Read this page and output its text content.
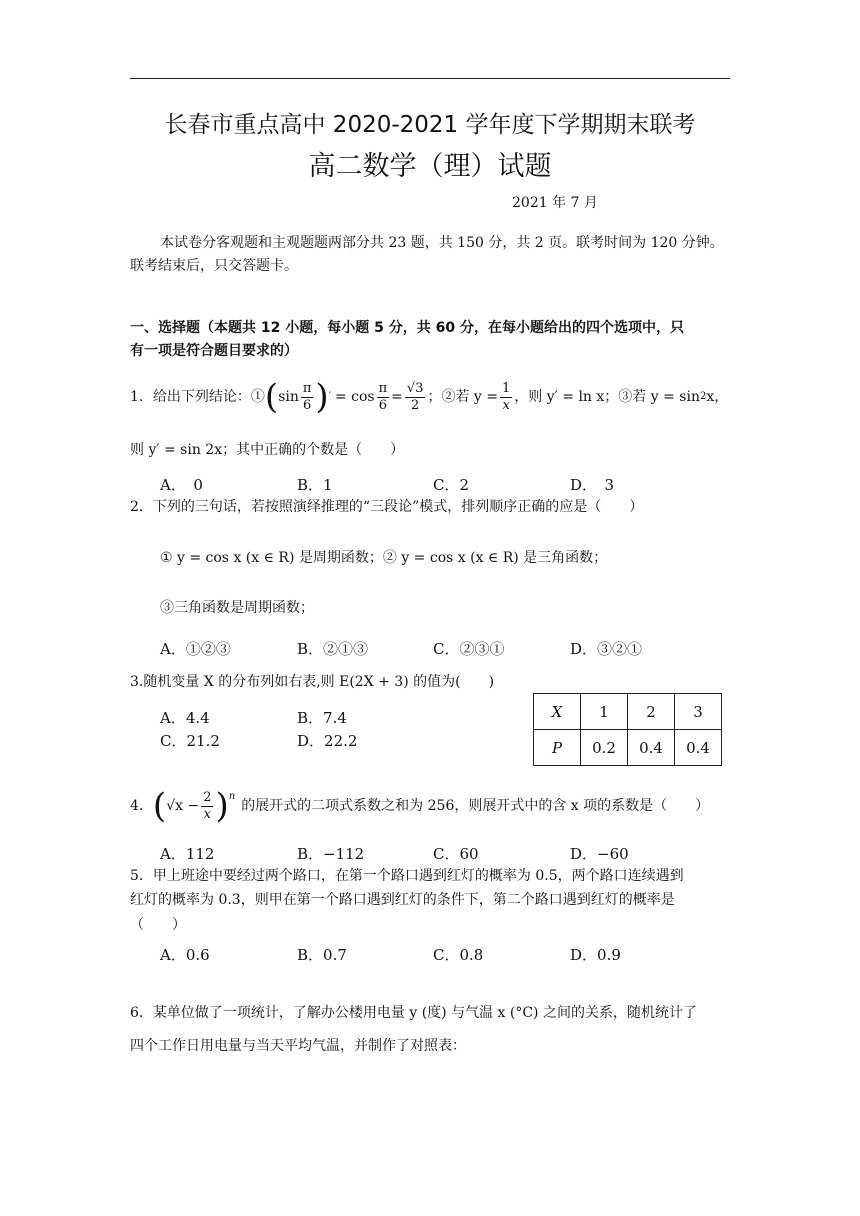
长春市重点高中 2020-2021 学年度下学期期末联考
高二数学（理）试题
2021 年 7 月
本试卷分客观题和主观题题两部分共 23 题，共 150 分，共 2 页。联考时间为 120 分钟。
联考结束后，只交答题卡。
一、选择题（本题共 12 小题，每小题 5 分，共 60 分，在每小题给出的四个选项中，只
有一项是符合题目要求的）
1．给出下列结论：① ( $\sin \frac{\pi}{6}$ ) ′ = $\cos \frac{\pi}{6} = \frac{√3}{2}$ ；②若 $y = \frac{1}{x}$ ，则 y′ = ln x；③若 y = sin 2 x，
则 y′ = sin 2x；其中正确的个数是（　　）
A．　0	B．1	C．2	D．　3
2．下列的三句话，若按照演绎推理的“三段论”模式，排列顺序正确的应是（　　）
① y = cos x (x ∈ R) 是周期函数；② y = cos x (x ∈ R) 是三角函数；
③三角函数是周期函数；
A．①②③	B．②①③	C．②③①	D．③②①
3.随机变量 X 的分布列如右表,则 E(2X + 3) 的值为(　　)
A．4.4	B．7.4
C．21.2	D．22.2
X	1	2	3
P	0.2	0.4	0.4
4． ( $√x - \frac{2}{x} )^n$
的展开式的二项式系数之和为 256，则展开式中的含 x 项的系数是（　　）
A．112	B．−112	C．60	D．−60
5．甲上班途中要经过两个路口，在第一个路口遇到红灯的概率为 0.5，两个路口连续遇到
红灯的概率为 0.3，则甲在第一个路口遇到红灯的条件下，第二个路口遇到红灯的概率是
（　　）
A．0.6	B．0.7	C．0.8	D．0.9
6．某单位做了一项统计，了解办公楼用电量 y (度) 与气温 x (°C) 之间的关系，随机统计了
四个工作日用电量与当天平均气温，并制作了对照表：
